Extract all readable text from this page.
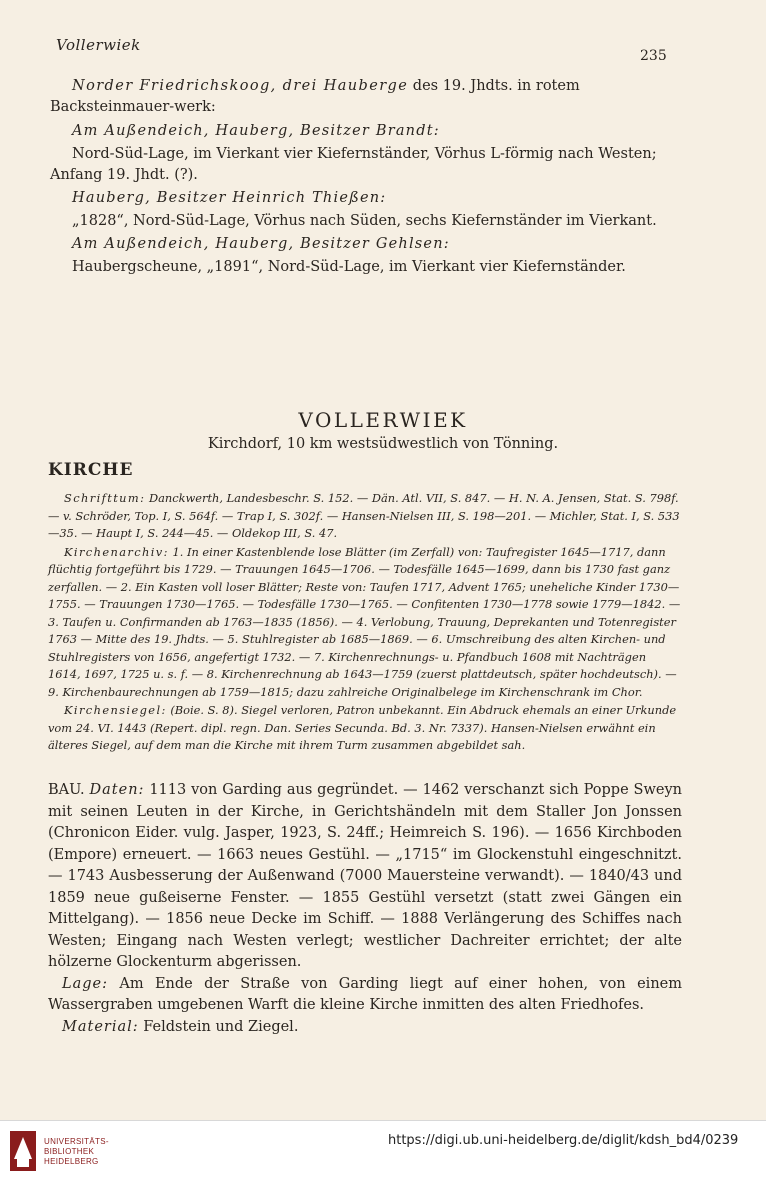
Vollerwiek
235

Norder Friedrichskoog, drei Hauberge des 19. Jhdts. in rotem Backsteinmauer-werk:

Am Außendeich, Hauberg, Besitzer Brandt:

Nord-Süd-Lage, im Vierkant vier Kiefernständer, Vörhus L-förmig nach Westen; Anfang 19. Jhdt. (?).

Hauberg, Besitzer Heinrich Thießen:

„1828“, Nord-Süd-Lage, Vörhus nach Süden, sechs Kiefernständer im Vierkant.

Am Außendeich, Hauberg, Besitzer Gehlsen:

Haubergscheune, „1891“, Nord-Süd-Lage, im Vierkant vier Kiefernständer.

VOLLERWIEK
Kirchdorf, 10 km westsüdwestlich von Tönning.
KIRCHE

Schrifttum: Danckwerth, Landesbeschr. S. 152. — Dän. Atl. VII, S. 847. — H. N. A. Jensen, Stat. S. 798f. — v. Schröder, Top. I, S. 564f. — Trap I, S. 302f. — Hansen-Nielsen III, S. 198—201. — Michler, Stat. I, S. 533—35. — Haupt I, S. 244—45. — Oldekop III, S. 47.

Kirchenarchiv: 1. In einer Kastenblende lose Blätter (im Zerfall) von: Taufregister 1645—1717, dann flüchtig fortgeführt bis 1729. — Trauungen 1645—1706. — Todesfälle 1645—1699, dann bis 1730 fast ganz zerfallen. — 2. Ein Kasten voll loser Blätter; Reste von: Taufen 1717, Advent 1765; uneheliche Kinder 1730—1755. — Trauungen 1730—1765. — Todesfälle 1730—1765. — Confitenten 1730—1778 sowie 1779—1842. — 3. Taufen u. Confirmanden ab 1763—1835 (1856). — 4. Verlobung, Trauung, Deprekanten und Totenregister 1763 — Mitte des 19. Jhdts. — 5. Stuhlregister ab 1685—1869. — 6. Umschreibung des alten Kirchen- und Stuhlregisters von 1656, angefertigt 1732. — 7. Kirchenrechnungs- u. Pfandbuch 1608 mit Nachträgen 1614, 1697, 1725 u. s. f. — 8. Kirchenrechnung ab 1643—1759 (zuerst plattdeutsch, später hochdeutsch). — 9. Kirchenbaurechnungen ab 1759—1815; dazu zahlreiche Originalbelege im Kirchenschrank im Chor.

Kirchensiegel: (Boie. S. 8). Siegel verloren, Patron unbekannt. Ein Abdruck ehemals an einer Urkunde vom 24. VI. 1443 (Repert. dipl. regn. Dan. Series Secunda. Bd. 3. Nr. 7337). Hansen-Nielsen erwähnt ein älteres Siegel, auf dem man die Kirche mit ihrem Turm zusammen abgebildet sah.

BAU. Daten: 1113 von Garding aus gegründet. — 1462 verschanzt sich Poppe Sweyn mit seinen Leuten in der Kirche, in Gerichtshändeln mit dem Staller Jon Jonssen (Chronicon Eider. vulg. Jasper, 1923, S. 24ff.; Heimreich S. 196). — 1656 Kirchboden (Empore) erneuert. — 1663 neues Gestühl. — „1715“ im Glockenstuhl eingeschnitzt. — 1743 Ausbesserung der Außenwand (7000 Mauersteine verwandt). — 1840/43 und 1859 neue gußeiserne Fenster. — 1855 Gestühl versetzt (statt zwei Gängen ein Mittelgang). — 1856 neue Decke im Schiff. — 1888 Verlängerung des Schiffes nach Westen; Eingang nach Westen verlegt; westlicher Dachreiter errichtet; der alte hölzerne Glockenturm abgerissen.

Lage: Am Ende der Straße von Garding liegt auf einer hohen, von einem Wassergraben umgebenen Warft die kleine Kirche inmitten des alten Friedhofes.

Material: Feldstein und Ziegel.

UNIVERSITÄTS-
BIBLIOTHEK
HEIDELBERG
https://digi.ub.uni-heidelberg.de/diglit/kdsh_bd4/0239
